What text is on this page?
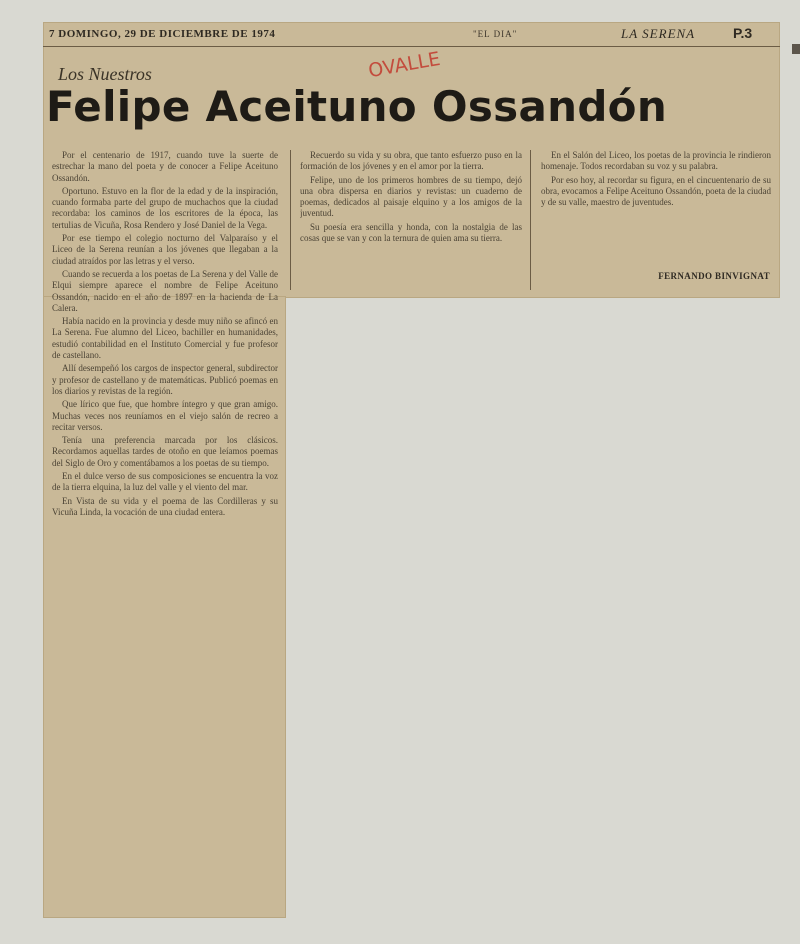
7 DOMINGO, 29 DE DICIEMBRE DE 1974	"EL DIA"	LA SERENA	P.3
Los Nuestros	OVALLE
Felipe Aceituno Ossandón

Por el centenario de 1917, cuando tuve la suerte de estrechar la mano del poeta y de conocer a Felipe Aceituno Ossandón.

Oportuno. Estuvo en la flor de la edad y de la inspiración, cuando formaba parte del grupo de muchachos que la ciudad recordaba: los caminos de los escritores de la época, las tertulias de Vicuña, Rosa Rendero y José Daniel de la Vega.

Por ese tiempo el colegio nocturno del Valparaíso y el Liceo de la Serena reunían a los jóvenes que llegaban a la ciudad atraídos por las letras y el verso.

Cuando se recuerda a los poetas de La Serena y del Valle de Elqui siempre aparece el nombre de Felipe Aceituno Ossandón, nacido en el año de 1897 en la hacienda de La Calera.

Había nacido en la provincia y desde muy niño se afincó en La Serena. Fue alumno del Liceo, bachiller en humanidades, estudió contabilidad en el Instituto Comercial y fue profesor de castellano.

Allí desempeñó los cargos de inspector general, subdirector y profesor de castellano y de matemáticas. Publicó poemas en los diarios y revistas de la región.

Que lírico que fue, que hombre íntegro y que gran amigo. Muchas veces nos reuníamos en el viejo salón de recreo a recitar versos.

Tenía una preferencia marcada por los clásicos. Recordamos aquellas tardes de otoño en que leíamos poemas del Siglo de Oro y comentábamos a los poetas de su tiempo.

En el dulce verso de sus composiciones se encuentra la voz de la tierra elquina, la luz del valle y el viento del mar.

En Vista de su vida y el poema de las Cordilleras y su Vicuña Linda, la vocación de una ciudad entera.

Recuerdo su vida y su obra, que tanto esfuerzo puso en la formación de los jóvenes y en el amor por la tierra.

Felipe, uno de los primeros hombres de su tiempo, dejó una obra dispersa en diarios y revistas: un cuaderno de poemas, dedicados al paisaje elquino y a los amigos de la juventud.

Su poesía era sencilla y honda, con la nostalgia de las cosas que se van y con la ternura de quien ama su tierra.

En el Salón del Liceo, los poetas de la provincia le rindieron homenaje. Todos recordaban su voz y su palabra.

Por eso hoy, al recordar su figura, en el cincuentenario de su obra, evocamos a Felipe Aceituno Ossandón, poeta de la ciudad y de su valle, maestro de juventudes.

FERNANDO BINVIGNAT
